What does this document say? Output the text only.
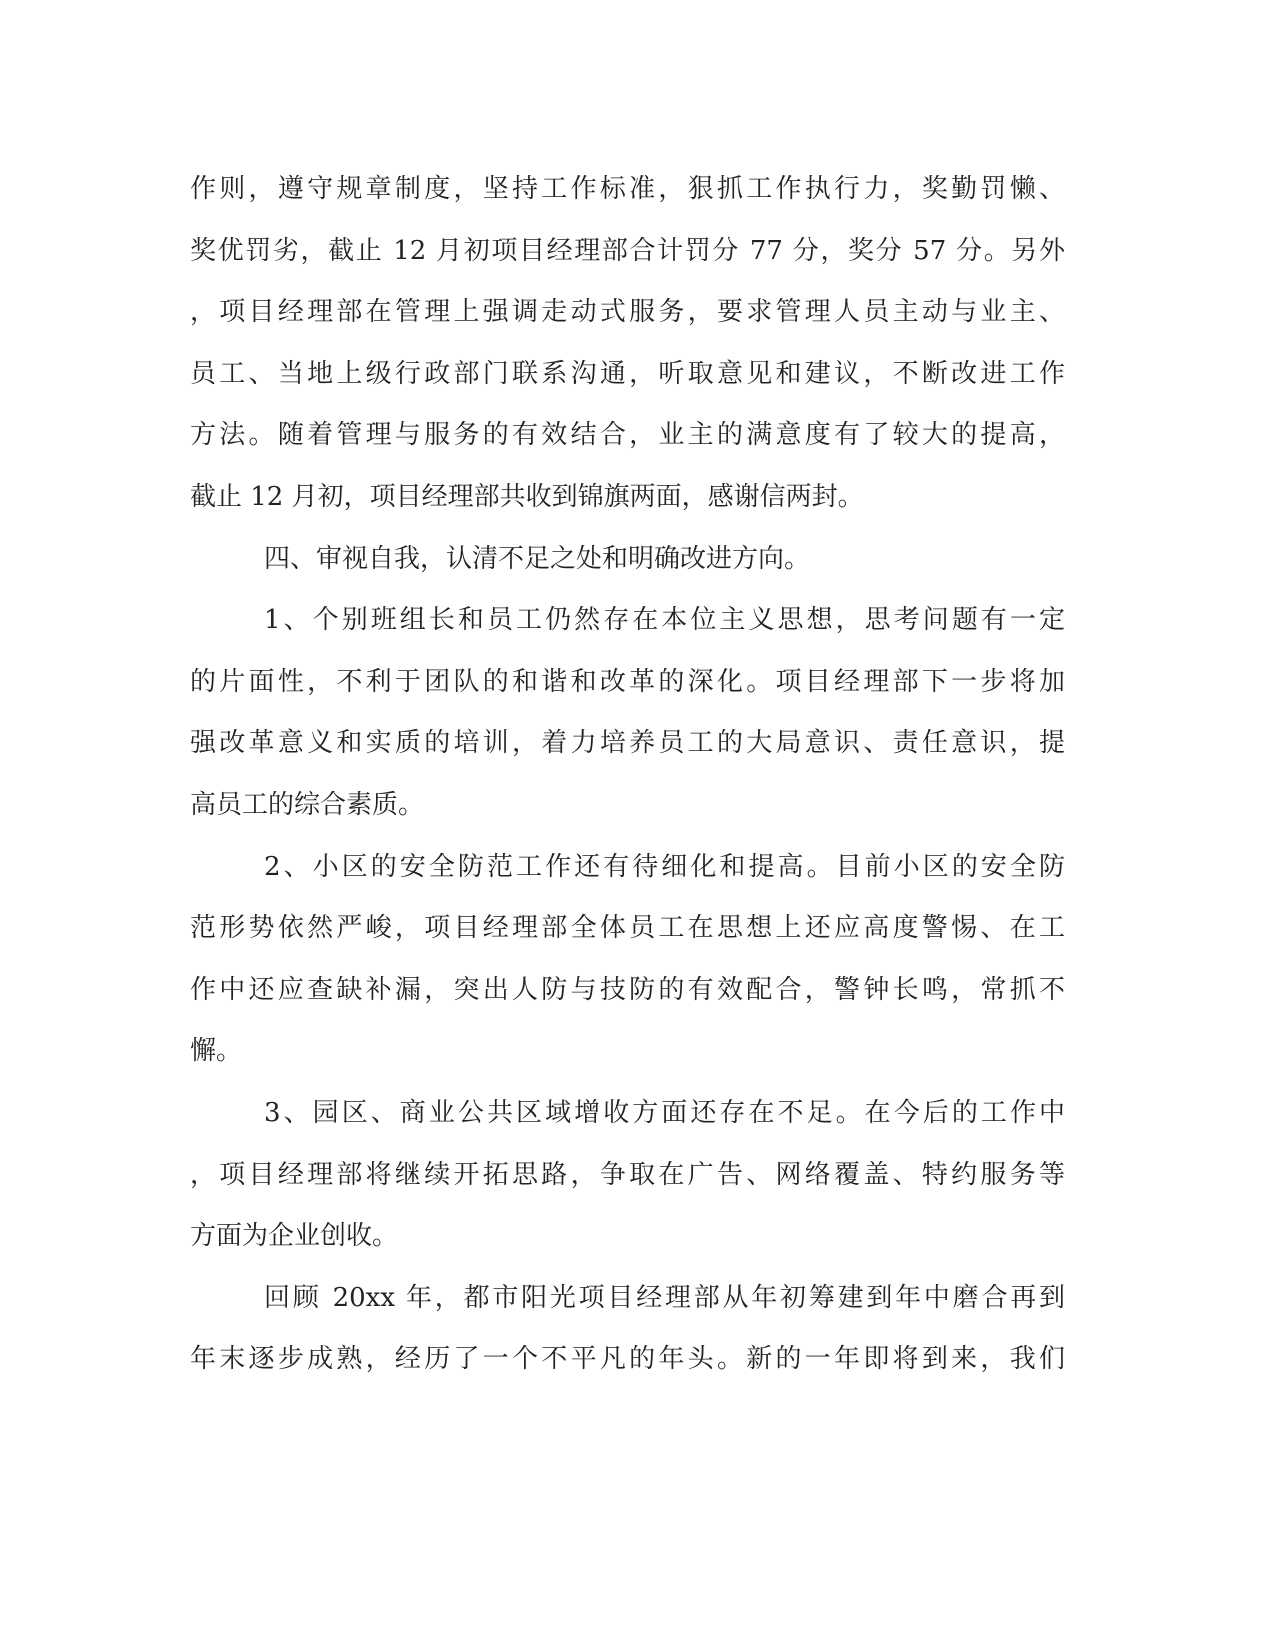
作则，遵守规章制度，坚持工作标准，狠抓工作执行力，奖勤罚懒、
奖优罚劣，截止 12 月初项目经理部合计罚分 77 分，奖分 57 分。另外
，项目经理部在管理上强调走动式服务，要求管理人员主动与业主、
员工、当地上级行政部门联系沟通，听取意见和建议，不断改进工作
方法。随着管理与服务的有效结合，业主的满意度有了较大的提高，
截止 12 月初，项目经理部共收到锦旗两面，感谢信两封。
四、审视自我，认清不足之处和明确改进方向。
1、个别班组长和员工仍然存在本位主义思想，思考问题有一定
的片面性，不利于团队的和谐和改革的深化。项目经理部下一步将加
强改革意义和实质的培训，着力培养员工的大局意识、责任意识，提
高员工的综合素质。
2、小区的安全防范工作还有待细化和提高。目前小区的安全防
范形势依然严峻，项目经理部全体员工在思想上还应高度警惕、在工
作中还应查缺补漏，突出人防与技防的有效配合，警钟长鸣，常抓不
懈。
3、园区、商业公共区域增收方面还存在不足。在今后的工作中
，项目经理部将继续开拓思路，争取在广告、网络覆盖、特约服务等
方面为企业创收。
回顾 20xx 年，都市阳光项目经理部从年初筹建到年中磨合再到
年末逐步成熟，经历了一个不平凡的年头。新的一年即将到来，我们
